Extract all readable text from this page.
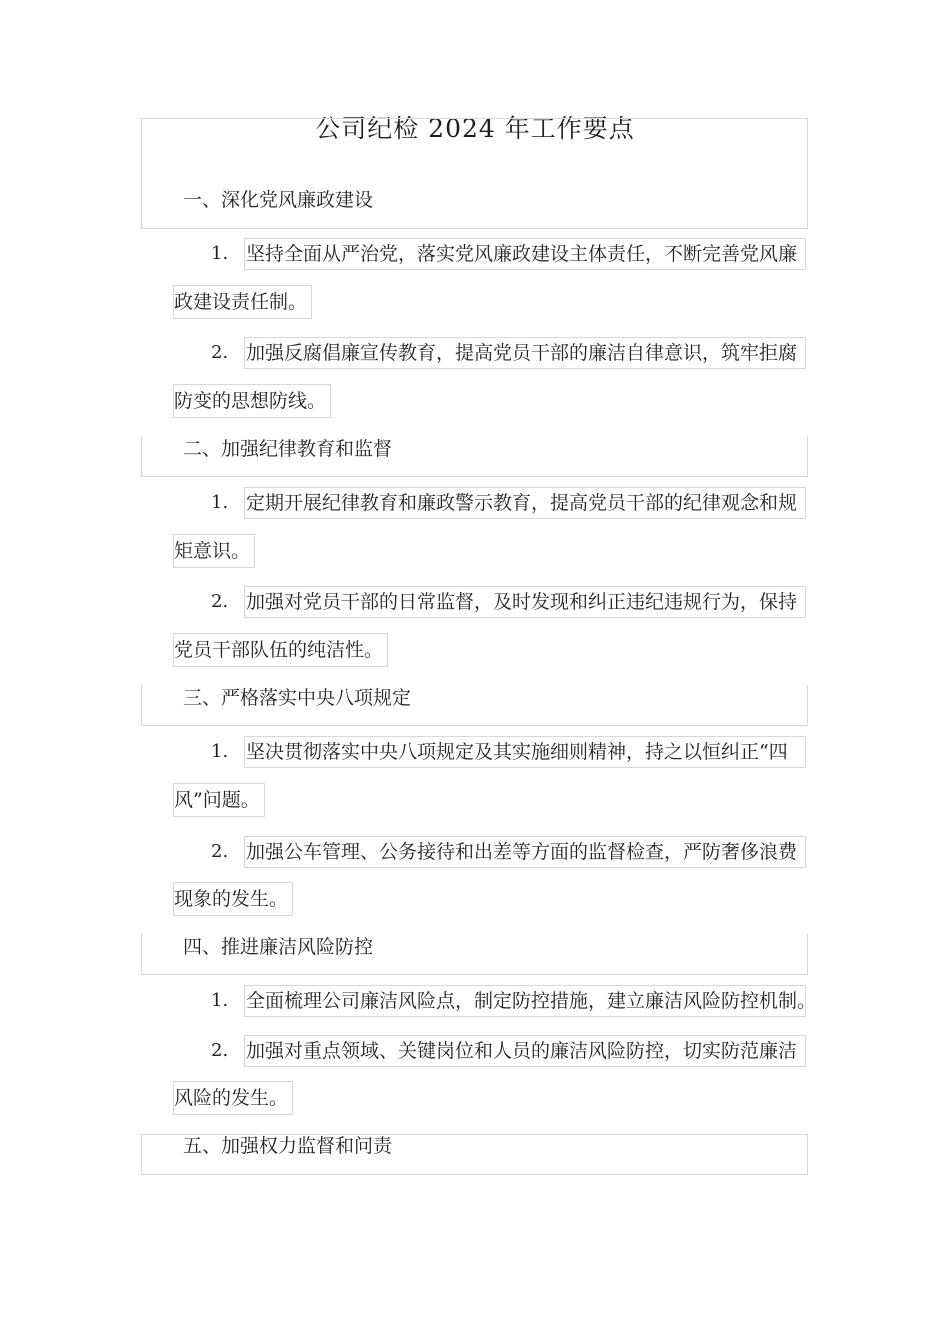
公司纪检 2024 年工作要点
一、深化党风廉政建设
1. 坚持全面从严治党，落实党风廉政建设主体责任，不断完善党风廉
政建设责任制。
2. 加强反腐倡廉宣传教育，提高党员干部的廉洁自律意识，筑牢拒腐
防变的思想防线。
二、加强纪律教育和监督
1. 定期开展纪律教育和廉政警示教育，提高党员干部的纪律观念和规
矩意识。
2. 加强对党员干部的日常监督，及时发现和纠正违纪违规行为，保持
党员干部队伍的纯洁性。
三、严格落实中央八项规定
1. 坚决贯彻落实中央八项规定及其实施细则精神，持之以恒纠正“四
风”问题。
2. 加强公车管理、公务接待和出差等方面的监督检查，严防奢侈浪费
现象的发生。
四、推进廉洁风险防控
1. 全面梳理公司廉洁风险点，制定防控措施，建立廉洁风险防控机制。
2. 加强对重点领域、关键岗位和人员的廉洁风险防控，切实防范廉洁
风险的发生。
五、加强权力监督和问责
